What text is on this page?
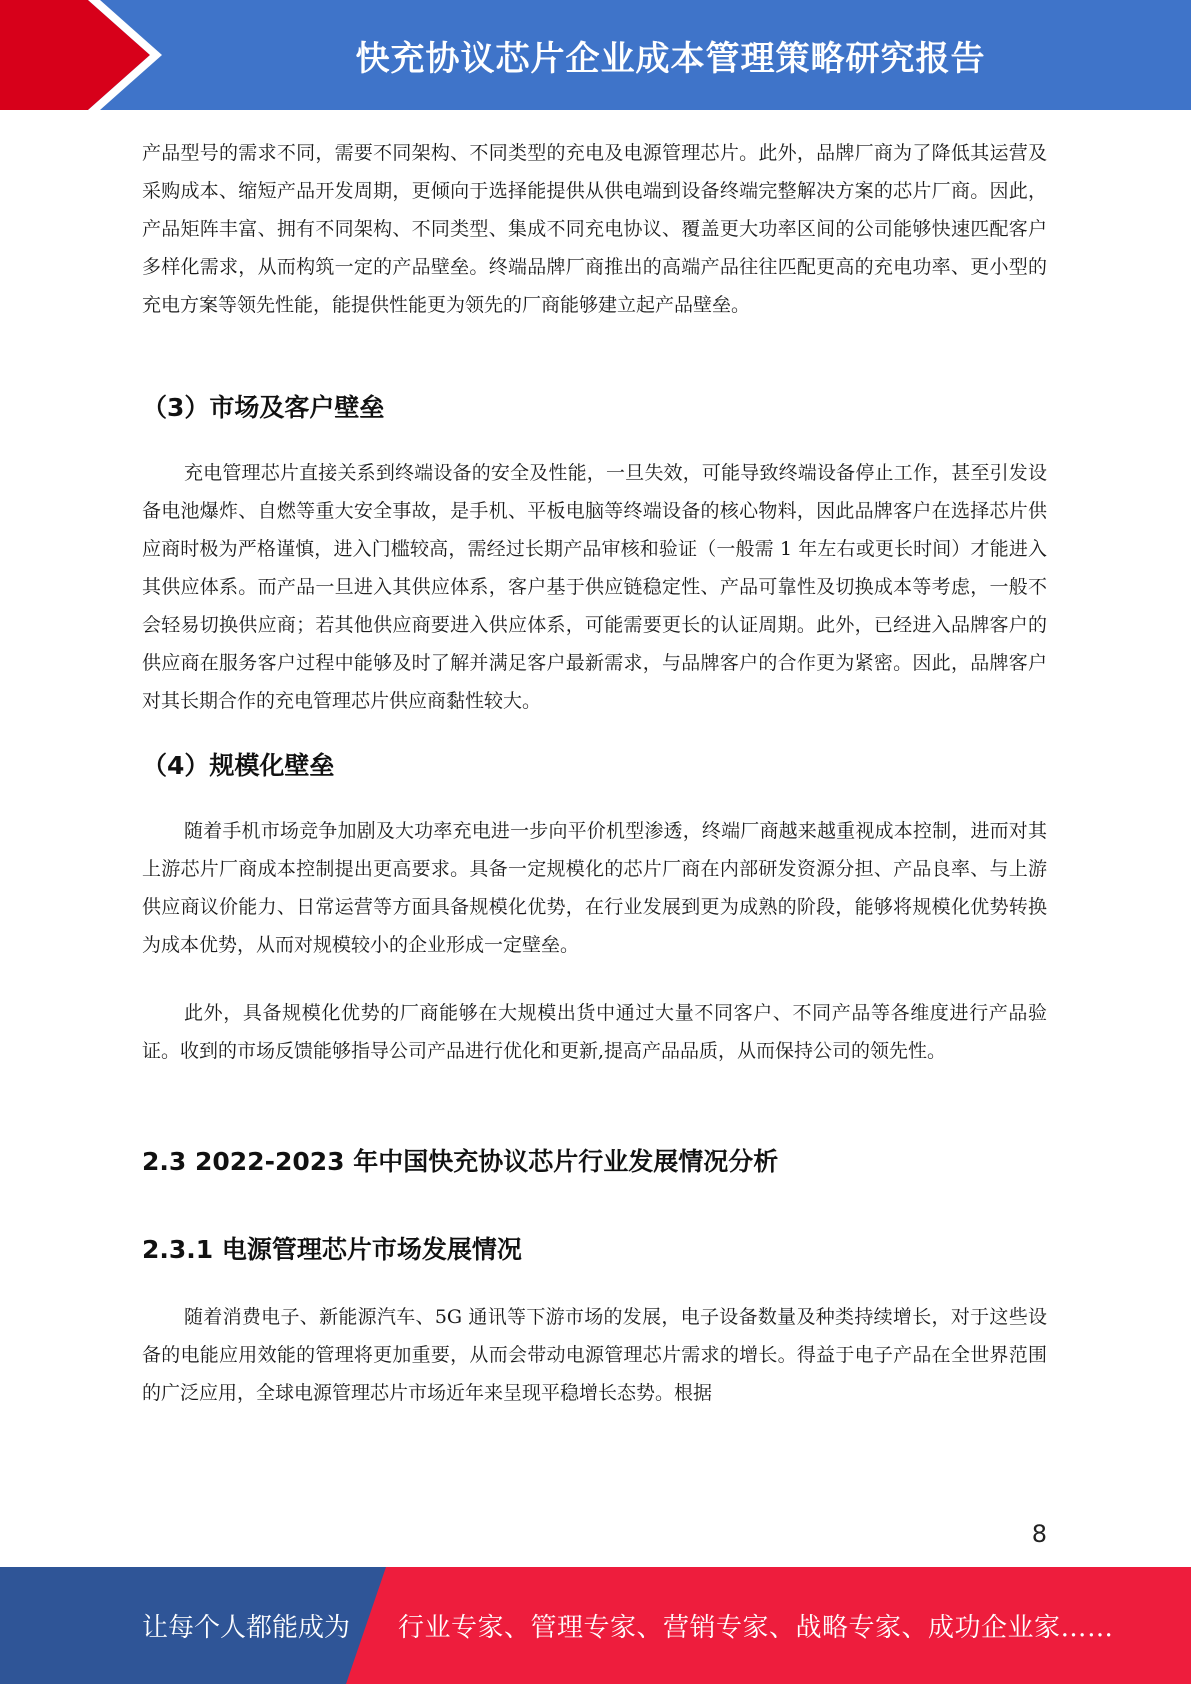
快充协议芯片企业成本管理策略研究报告

产品型号的需求不同，需要不同架构、不同类型的充电及电源管理芯片。此外，品牌厂商为了降低其运营及采购成本、缩短产品开发周期，更倾向于选择能提供从供电端到设备终端完整解决方案的芯片厂商。因此，产品矩阵丰富、拥有不同架构、不同类型、集成不同充电协议、覆盖更大功率区间的公司能够快速匹配客户多样化需求，从而构筑一定的产品壁垒。终端品牌厂商推出的高端产品往往匹配更高的充电功率、更小型的充电方案等领先性能，能提供性能更为领先的厂商能够建立起产品壁垒。

（3）市场及客户壁垒

充电管理芯片直接关系到终端设备的安全及性能，一旦失效，可能导致终端设备停止工作，甚至引发设备电池爆炸、自燃等重大安全事故，是手机、平板电脑等终端设备的核心物料，因此品牌客户在选择芯片供应商时极为严格谨慎，进入门槛较高，需经过长期产品审核和验证（一般需 1 年左右或更长时间）才能进入其供应体系。而产品一旦进入其供应体系，客户基于供应链稳定性、产品可靠性及切换成本等考虑，一般不会轻易切换供应商；若其他供应商要进入供应体系，可能需要更长的认证周期。此外，已经进入品牌客户的供应商在服务客户过程中能够及时了解并满足客户最新需求，与品牌客户的合作更为紧密。因此，品牌客户对其长期合作的充电管理芯片供应商黏性较大。

（4）规模化壁垒

随着手机市场竞争加剧及大功率充电进一步向平价机型渗透，终端厂商越来越重视成本控制，进而对其上游芯片厂商成本控制提出更高要求。具备一定规模化的芯片厂商在内部研发资源分担、产品良率、与上游供应商议价能力、日常运营等方面具备规模化优势，在行业发展到更为成熟的阶段，能够将规模化优势转换为成本优势，从而对规模较小的企业形成一定壁垒。

此外，具备规模化优势的厂商能够在大规模出货中通过大量不同客户、不同产品等各维度进行产品验证。收到的市场反馈能够指导公司产品进行优化和更新,提高产品品质，从而保持公司的领先性。

2.3 2022-2023 年中国快充协议芯片行业发展情况分析
2.3.1 电源管理芯片市场发展情况

随着消费电子、新能源汽车、5G 通讯等下游市场的发展，电子设备数量及种类持续增长，对于这些设备的电能应用效能的管理将更加重要，从而会带动电源管理芯片需求的增长。得益于电子产品在全世界范围的广泛应用，全球电源管理芯片市场近年来呈现平稳增长态势。根据

8
让每个人都能成为 行业专家、管理专家、营销专家、战略专家、成功企业家……
